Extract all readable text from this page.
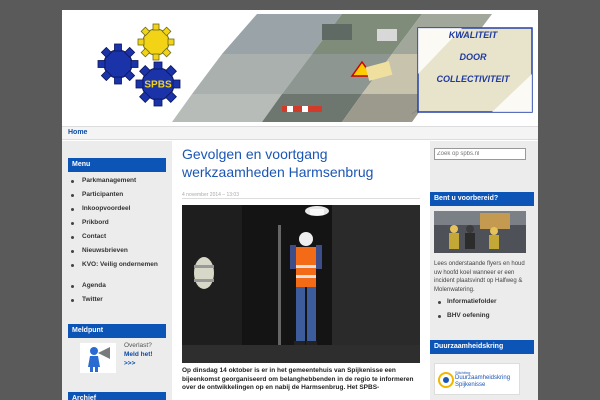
SPBS
KWALITEIT
DOOR
COLLECTIVITEIT
Home
Menu
Parkmanagement
Participanten
Inkoopvoordeel
Prikbord
Contact
Nieuwsbrieven
KVO: Veilig ondernemen
Agenda
Twitter
Meldpunt
Overlast?
Meld het!
>>>
Archief
Gevolgen en voortgang werkzaamheden Harmsenbrug
4 november 2014 – 13:03

Op dinsdag 14 oktober is er in het gemeentehuis van Spijkenisse een bijeenkomst georganiseerd om belanghebbenden in de regio te informeren over de ontwikkelingen op en nabij de Harmsenbrug. Het SPBS-

Zoek op spbs.nl
Bent u voorbereid?
Lees onderstaande flyers en houd uw hoofd koel wanneer er een incident plaatsvindt op Halfweg & Molenwatering.
Informatiefolder
BHV oefening
Duurzaamheidskring
Stichting
Duurzaamheidskring
Spijkenisse
